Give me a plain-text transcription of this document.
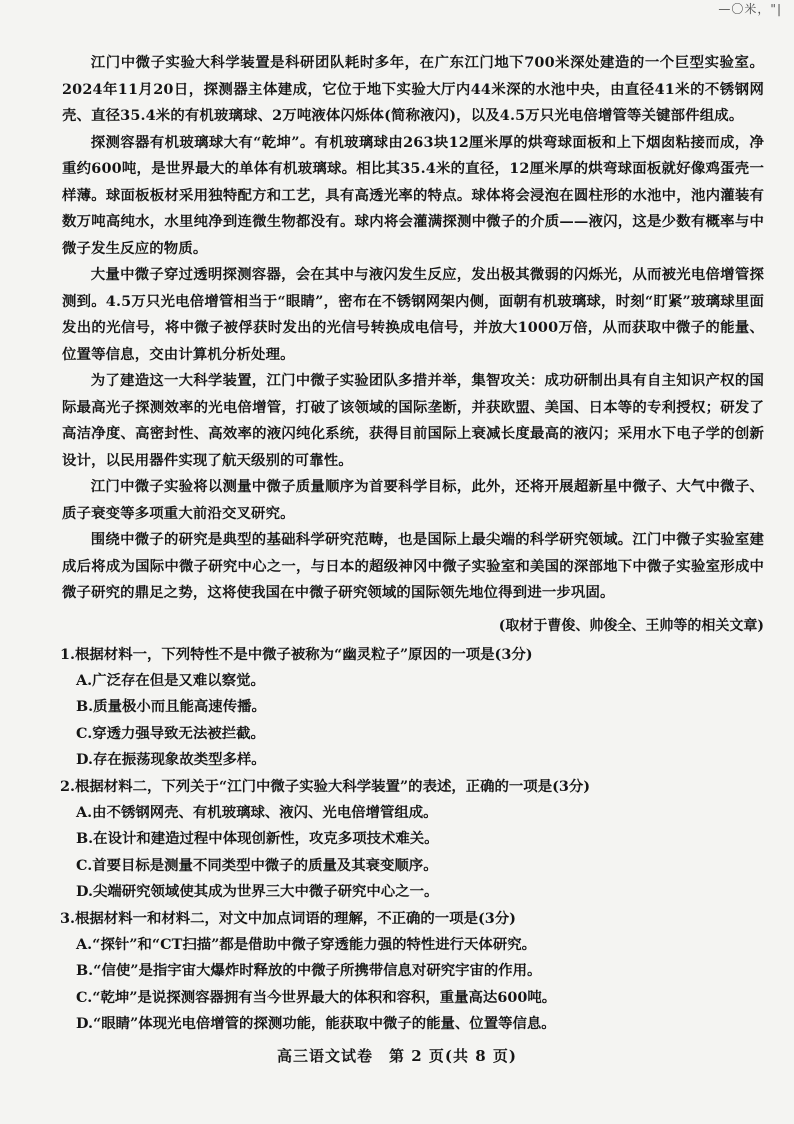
—〇米，"|

江门中微子实验大科学装置是科研团队耗时多年，在广东江门地下700米深处建造的一个巨型实验室。2024年11月20日，探测器主体建成，它位于地下实验大厅内44米深的水池中央，由直径41米的不锈钢网壳、直径35.4米的有机玻璃球、2万吨液体闪烁体(简称液闪)，以及4.5万只光电倍增管等关键部件组成。

探测容器有机玻璃球大有“乾坤”。有机玻璃球由263块12厘米厚的烘弯球面板和上下烟囱粘接而成，净重约600吨，是世界最大的单体有机玻璃球。相比其35.4米的直径，12厘米厚的烘弯球面板就好像鸡蛋壳一样薄。球面板板材采用独特配方和工艺，具有高透光率的特点。球体将会浸泡在圆柱形的水池中，池内灌装有数万吨高纯水，水里纯净到连微生物都没有。球内将会灌满探测中微子的介质——液闪，这是少数有概率与中微子发生反应的物质。

大量中微子穿过透明探测容器，会在其中与液闪发生反应，发出极其微弱的闪烁光，从而被光电倍增管探测到。4.5万只光电倍增管相当于“眼睛”，密布在不锈钢网架内侧，面朝有机玻璃球，时刻“盯紧”玻璃球里面发出的光信号，将中微子被俘获时发出的光信号转换成电信号，并放大1000万倍，从而获取中微子的能量、位置等信息，交由计算机分析处理。

为了建造这一大科学装置，江门中微子实验团队多措并举，集智攻关：成功研制出具有自主知识产权的国际最高光子探测效率的光电倍增管，打破了该领域的国际垄断，并获欧盟、美国、日本等的专利授权；研发了高洁净度、高密封性、高效率的液闪纯化系统，获得目前国际上衰减长度最高的液闪；采用水下电子学的创新设计，以民用器件实现了航天级别的可靠性。

江门中微子实验将以测量中微子质量顺序为首要科学目标，此外，还将开展超新星中微子、大气中微子、质子衰变等多项重大前沿交叉研究。

围绕中微子的研究是典型的基础科学研究范畴，也是国际上最尖端的科学研究领域。江门中微子实验室建成后将成为国际中微子研究中心之一，与日本的超级神冈中微子实验室和美国的深部地下中微子实验室形成中微子研究的鼎足之势，这将使我国在中微子研究领域的国际领先地位得到进一步巩固。

(取材于曹俊、帅俊全、王帅等的相关文章)
1.根据材料一，下列特性不是中微子被称为“幽灵粒子”原因的一项是(3分)
A.广泛存在但是又难以察觉。
B.质量极小而且能高速传播。
C.穿透力强导致无法被拦截。
D.存在振荡现象故类型多样。
2.根据材料二，下列关于“江门中微子实验大科学装置”的表述，正确的一项是(3分)
A.由不锈钢网壳、有机玻璃球、液闪、光电倍增管组成。
B.在设计和建造过程中体现创新性，攻克多项技术难关。
C.首要目标是测量不同类型中微子的质量及其衰变顺序。
D.尖端研究领域使其成为世界三大中微子研究中心之一。
3.根据材料一和材料二，对文中加点词语的理解，不正确的一项是(3分)
A.“探针”和“CT扫描”都是借助中微子穿透能力强的特性进行天体研究。
B.“信使”是指宇宙大爆炸时释放的中微子所携带信息对研究宇宙的作用。
C.“乾坤”是说探测容器拥有当今世界最大的体积和容积，重量高达600吨。
D.“眼睛”体现光电倍增管的探测功能，能获取中微子的能量、位置等信息。
高三语文试卷　第 2 页(共 8 页)
